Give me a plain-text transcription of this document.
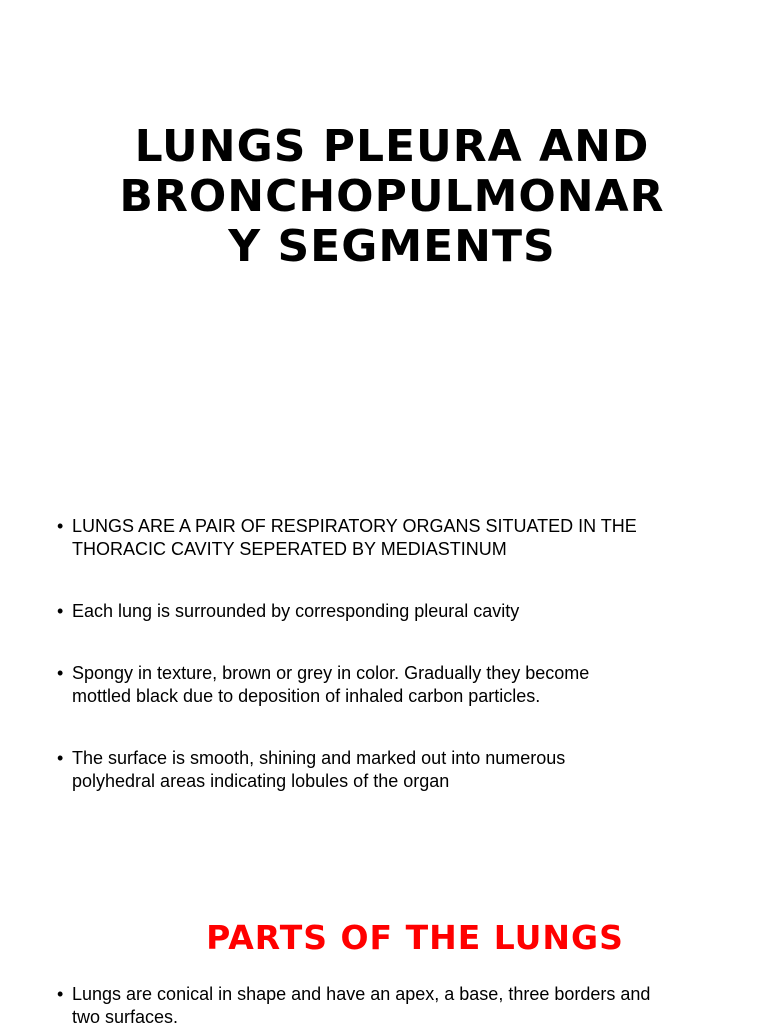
LUNGS PLEURA AND
BRONCHOPULMONAR
Y SEGMENTS
• LUNGS ARE A PAIR OF RESPIRATORY ORGANS SITUATED IN THE
THORACIC CAVITY SEPERATED BY MEDIASTINUM
• Each lung is surrounded by corresponding pleural cavity
• Spongy in texture, brown or grey in color. Gradually they become
mottled black due to deposition of inhaled carbon particles.
• The surface is smooth, shining and marked out into numerous
polyhedral areas indicating lobules of the organ
PARTS OF THE LUNGS
• Lungs are conical in shape and have an apex, a base, three borders and
two surfaces.
